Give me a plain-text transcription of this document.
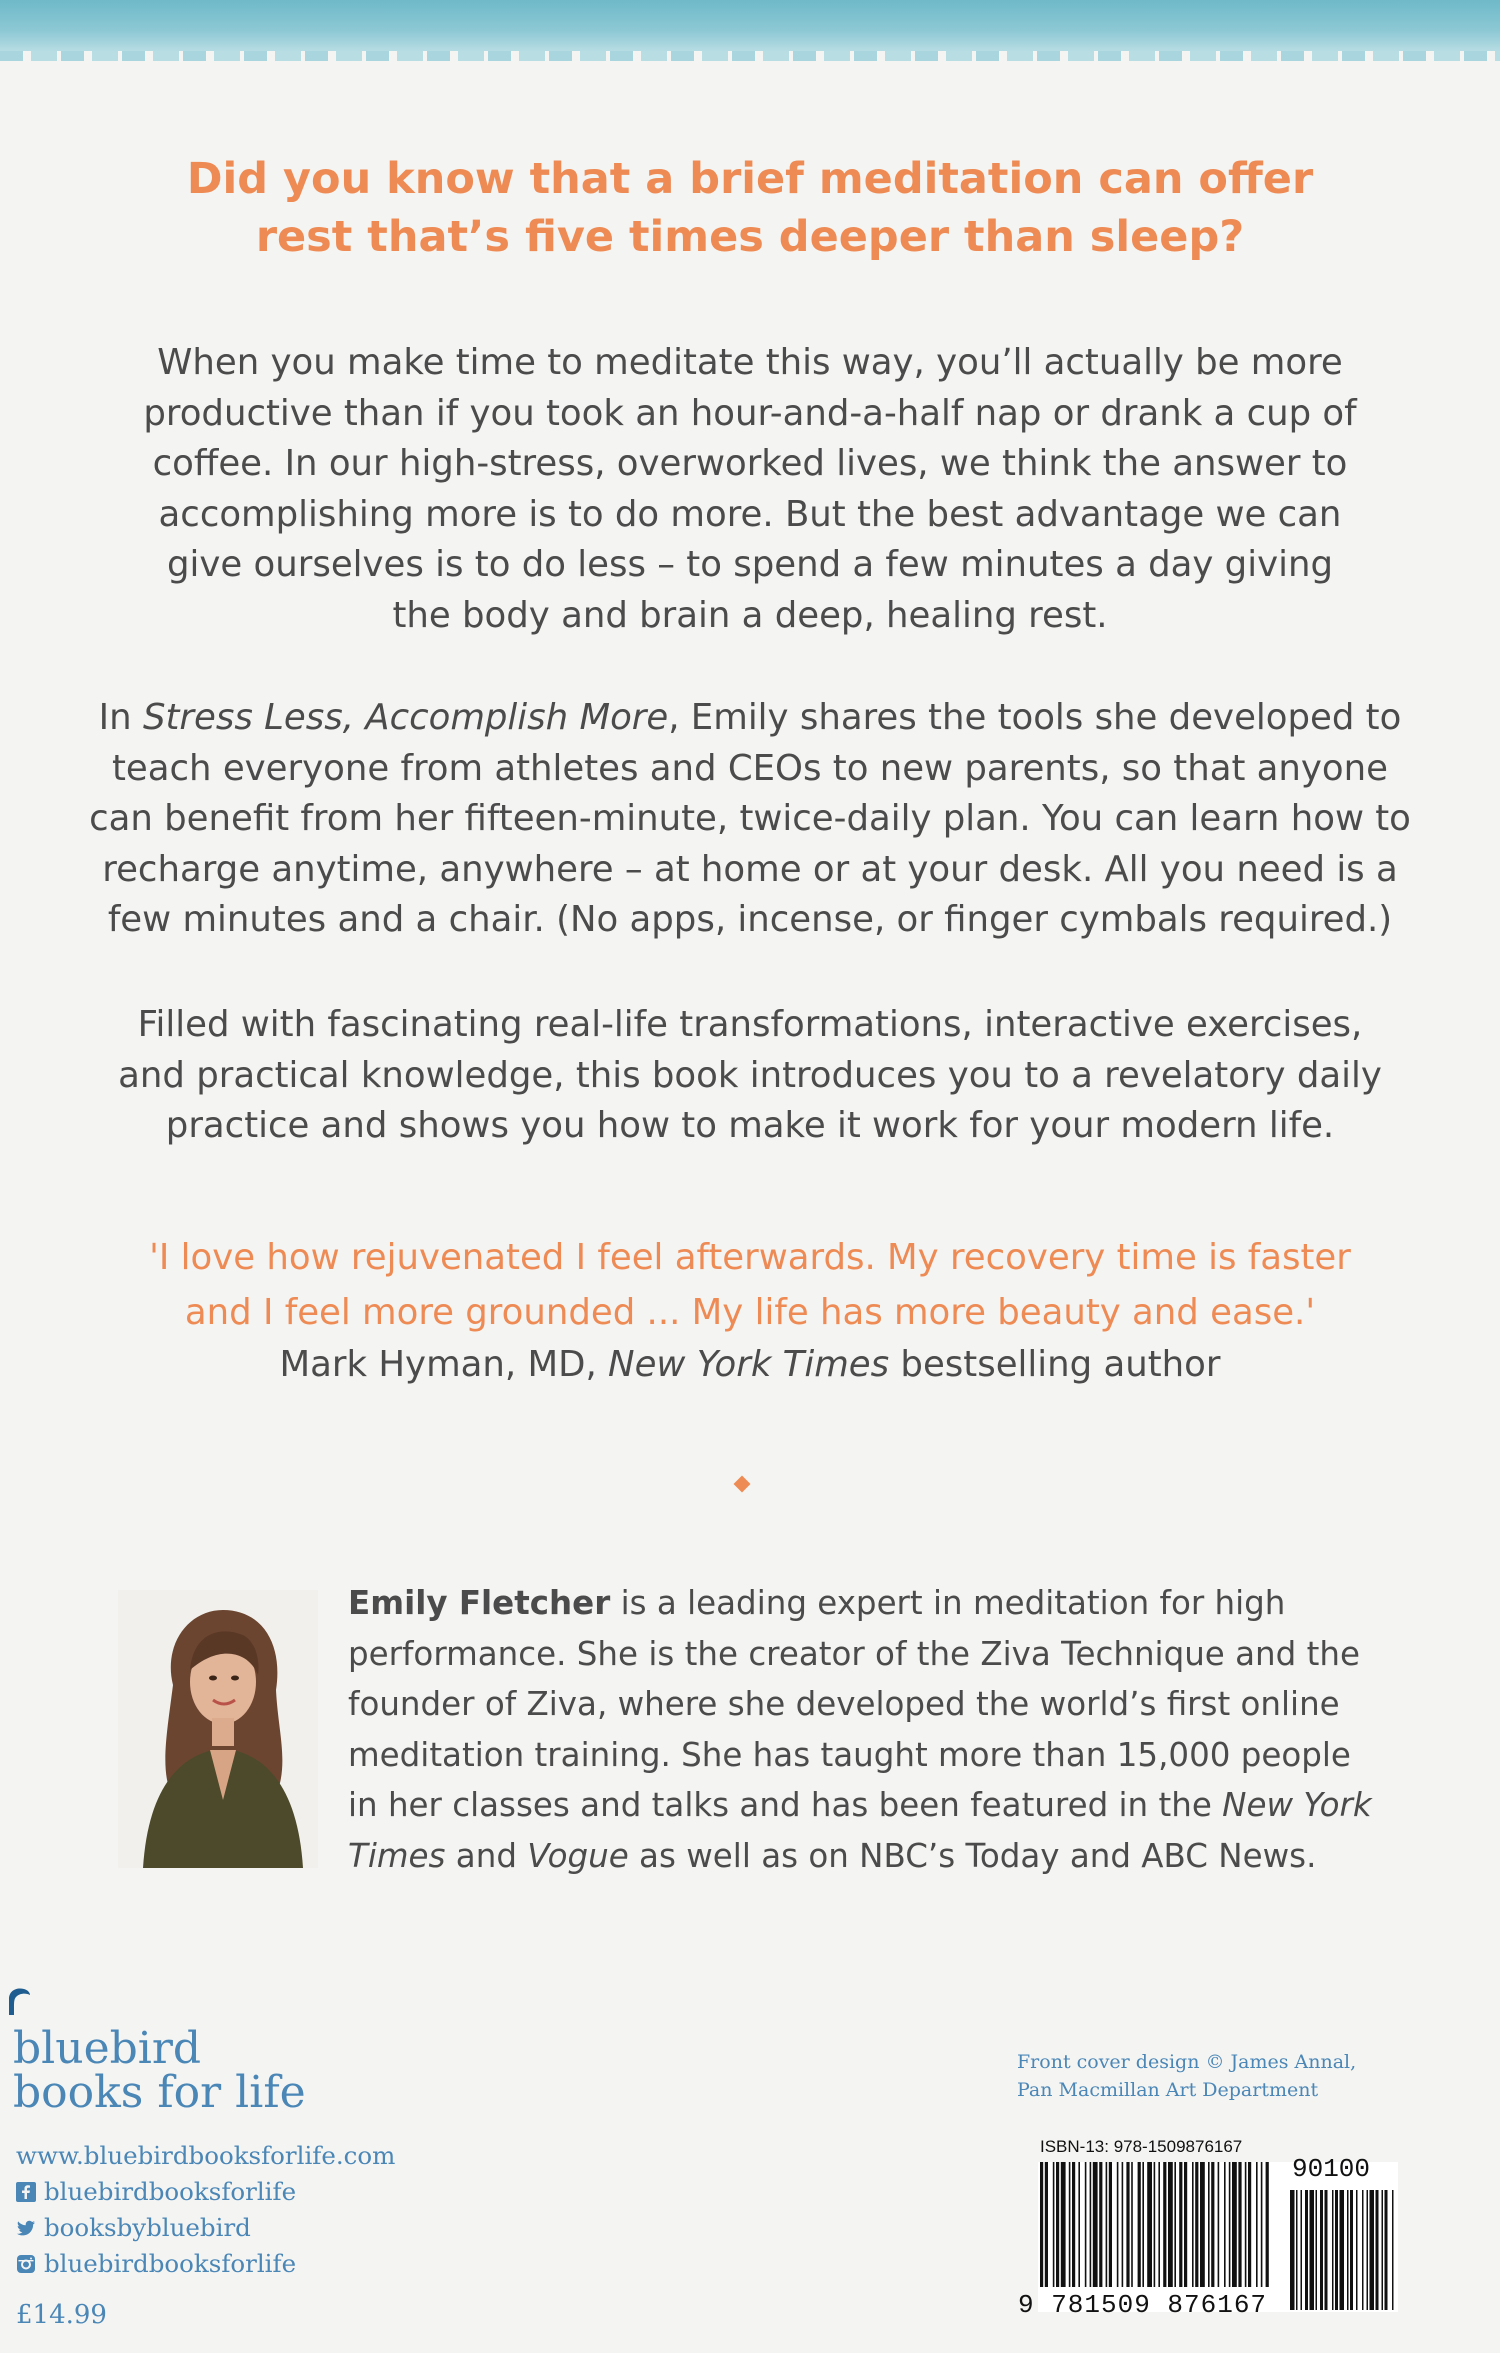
Did you know that a brief meditation can offer
rest that’s five times deeper than sleep?
When you make time to meditate this way, you’ll actually be more
productive than if you took an hour-and-a-half nap or drank a cup of
coffee. In our high-stress, overworked lives, we think the answer to
accomplishing more is to do more. But the best advantage we can
give ourselves is to do less – to spend a few minutes a day giving
the body and brain a deep, healing rest.
In Stress Less, Accomplish More, Emily shares the tools she developed to
teach everyone from athletes and CEOs to new parents, so that anyone
can benefit from her fifteen-minute, twice-daily plan. You can learn how to
recharge anytime, anywhere – at home or at your desk. All you need is a
few minutes and a chair. (No apps, incense, or finger cymbals required.)
Filled with fascinating real-life transformations, interactive exercises,
and practical knowledge, this book introduces you to a revelatory daily
practice and shows you how to make it work for your modern life.
'I love how rejuvenated I feel afterwards. My recovery time is faster
and I feel more grounded ... My life has more beauty and ease.'
Mark Hyman, MD, New York Times bestselling author
Emily Fletcher is a leading expert in meditation for high
performance. She is the creator of the Ziva Technique and the
founder of Ziva, where she developed the world’s first online
meditation training. She has taught more than 15,000 people
in her classes and talks and has been featured in the New York
Times and Vogue as well as on NBC’s Today and ABC News.
bluebird
books for life
www.bluebirdbooksforlife.com
bluebirdbooksforlife
booksbybluebird
bluebirdbooksforlife
£14.99
Front cover design © James Annal,
Pan Macmillan Art Department
ISBN-13: 978-1509876167
90100
9 781509 876167
